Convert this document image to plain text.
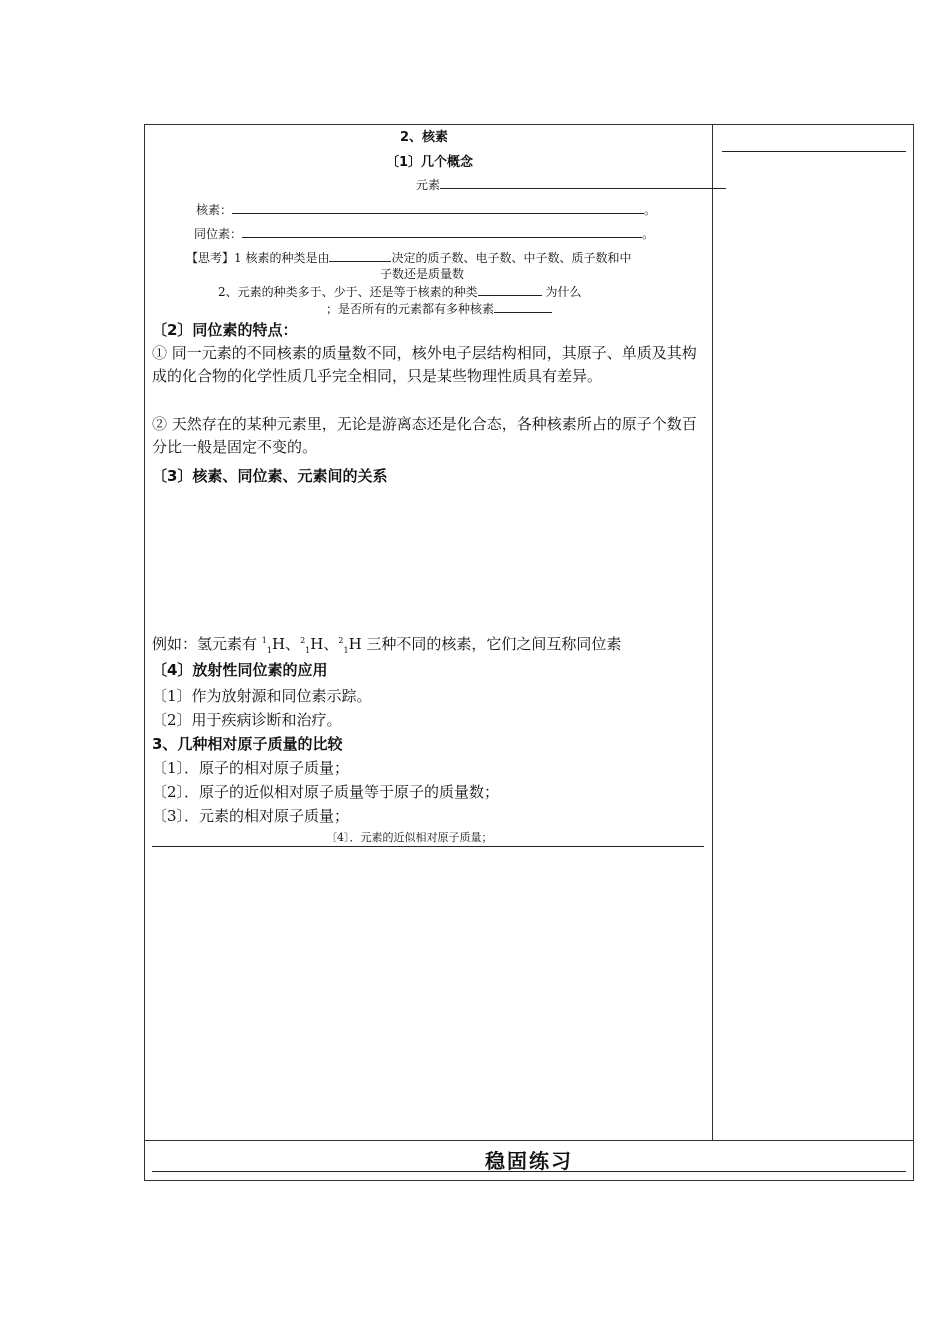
2、核素
〔1〕几个概念
元素
核素：	。
同位素：	。
【思考】1 核素的种类是由	决定的质子数、电子数、中子数、质子数和中
子数还是质量数
2、元素的种类多于、少于、还是等于核素的种类	为什么
；是否所有的元素都有多种核素
〔2〕同位素的特点：
① 同一元素的不同核素的质量数不同，核外电子层结构相同，其原子、单质及其构成的化合物的化学性质几乎完全相同，只是某些物理性质具有差异。
② 天然存在的某种元素里，无论是游离态还是化合态，各种核素所占的原子个数百分比一般是固定不变的。
〔3〕核素、同位素、元素间的关系
例如：氢元素有 $^1_1$H、$^2_1$H、$^2_1$H 三种不同的核素，它们之间互称同位素
〔4〕放射性同位素的应用
〔1〕作为放射源和同位素示踪。
〔2〕用于疾病诊断和治疗。
3、几种相对原子质量的比较
〔1〕．原子的相对原子质量；
〔2〕．原子的近似相对原子质量等于原子的质量数；
〔3〕．元素的相对原子质量；
〔4〕．元素的近似相对原子质量；
稳固练习
